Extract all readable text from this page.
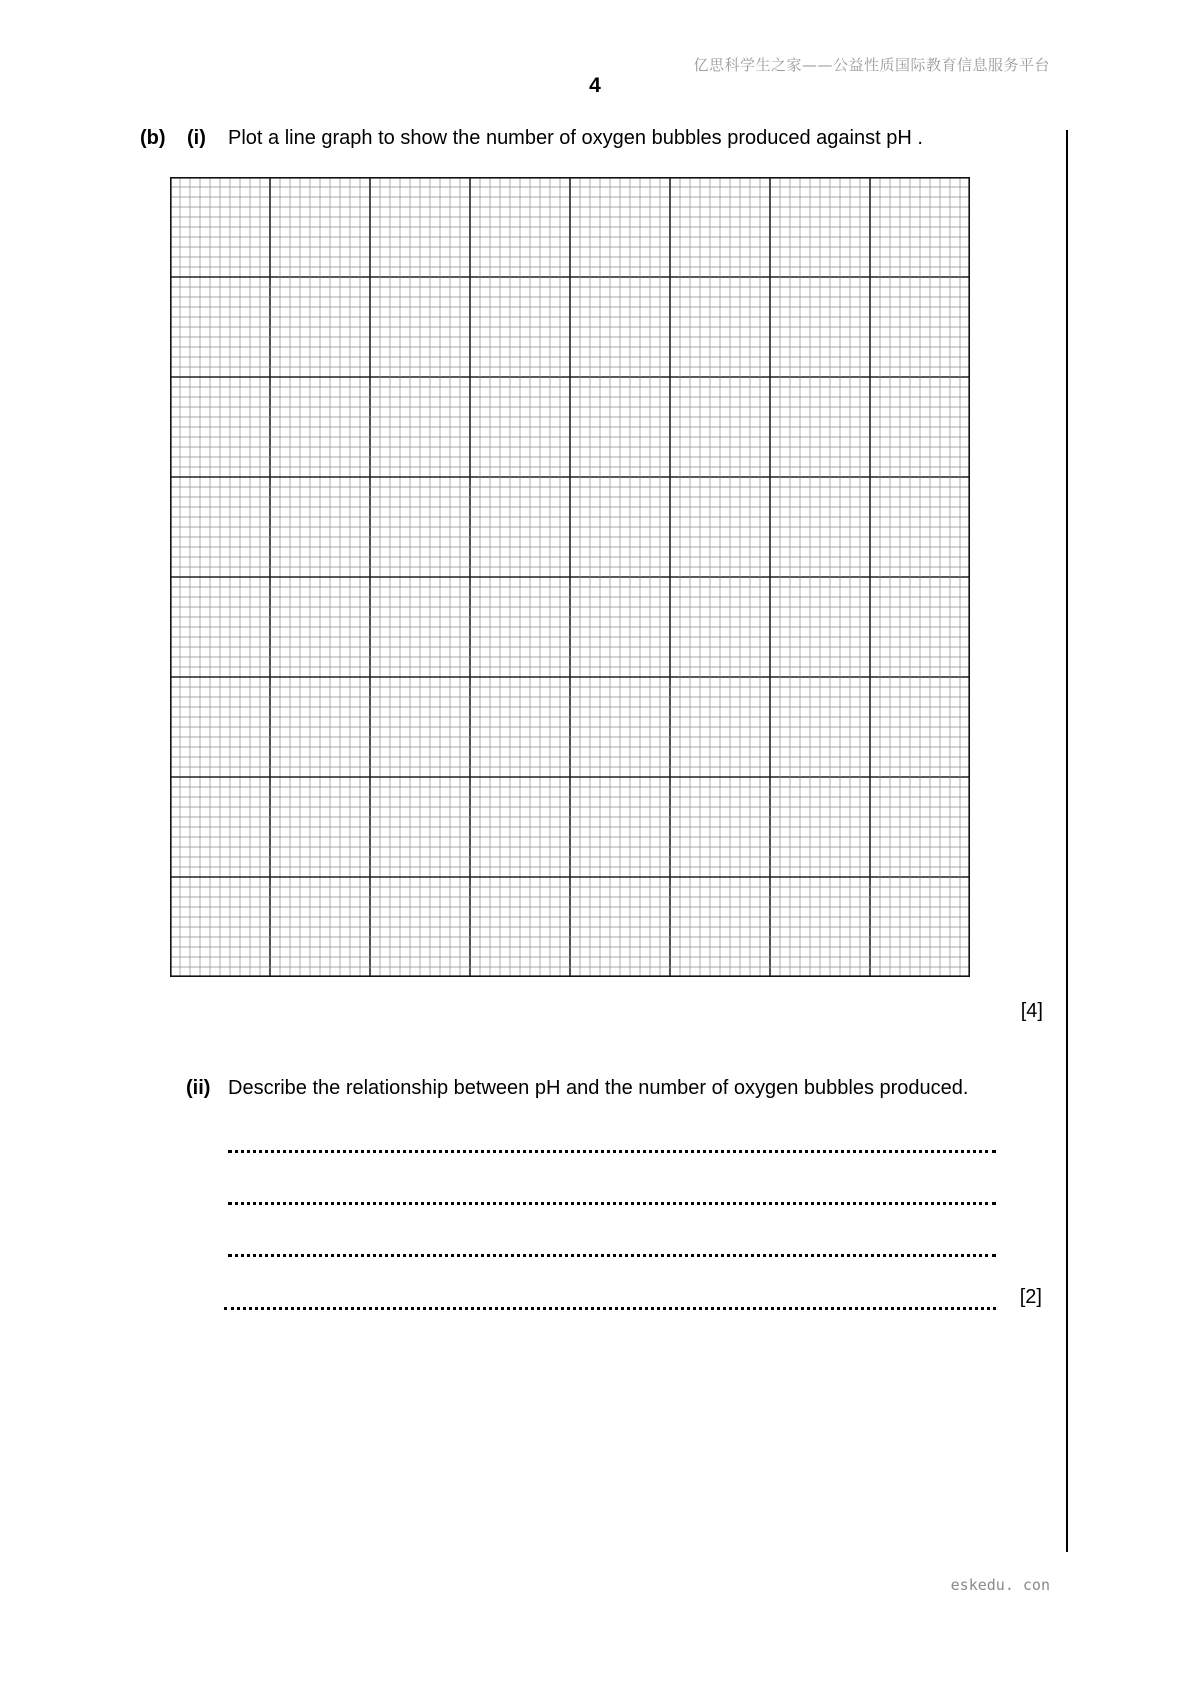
亿思科学生之家——公益性质国际教育信息服务平台
4
(b) (i) Plot a line graph to show the number of oxygen bubbles produced against pH .
[4]
(ii) Describe the relationship between pH and the number of oxygen bubbles produced.
[2]
eskedu. con
